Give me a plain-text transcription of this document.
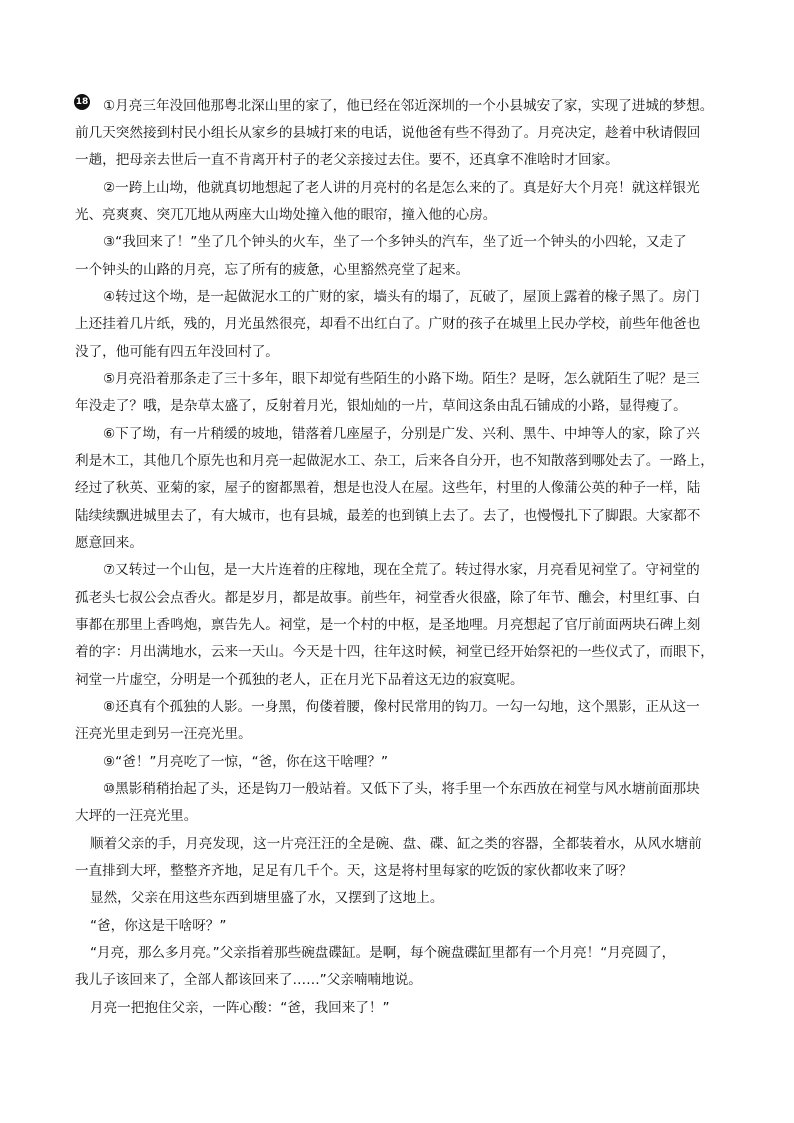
18	①月亮三年没回他那粤北深山里的家了，他已经在邻近深圳的一个小县城安了家，实现了进城的梦想。
前几天突然接到村民小组长从家乡的县城打来的电话，说他爸有些不得劲了。月亮决定，趁着中秋请假回
一趟，把母亲去世后一直不肯离开村子的老父亲接过去住。要不，还真拿不准啥时才回家。
②一跨上山坳，他就真切地想起了老人讲的月亮村的名是怎么来的了。真是好大个月亮！就这样银光
光、亮爽爽、突兀兀地从两座大山坳处撞入他的眼帘，撞入他的心房。
③“我回来了！”坐了几个钟头的火车，坐了一个多钟头的汽车，坐了近一个钟头的小四轮，又走了
一个钟头的山路的月亮，忘了所有的疲惫，心里豁然亮堂了起来。
④转过这个坳，是一起做泥水工的广财的家，墙头有的塌了，瓦破了，屋顶上露着的椽子黑了。房门
上还挂着几片纸，残的，月光虽然很亮，却看不出红白了。广财的孩子在城里上民办学校，前些年他爸也
没了，他可能有四五年没回村了。
⑤月亮沿着那条走了三十多年，眼下却觉有些陌生的小路下坳。陌生？是呀，怎么就陌生了呢？是三
年没走了？哦，是杂草太盛了，反射着月光，银灿灿的一片，草间这条由乱石铺成的小路，显得瘦了。
⑥下了坳，有一片稍缓的坡地，错落着几座屋子，分别是广发、兴利、黑牛、中坤等人的家，除了兴
利是木工，其他几个原先也和月亮一起做泥水工、杂工，后来各自分开，也不知散落到哪处去了。一路上，
经过了秋英、亚菊的家，屋子的窗都黑着，想是也没人在屋。这些年，村里的人像蒲公英的种子一样，陆
陆续续飘进城里去了，有大城市，也有县城，最差的也到镇上去了。去了，也慢慢扎下了脚跟。大家都不
愿意回来。
⑦又转过一个山包，是一大片连着的庄稼地，现在全荒了。转过得水家，月亮看见祠堂了。守祠堂的
孤老头七叔公会点香火。都是岁月，都是故事。前些年，祠堂香火很盛，除了年节、醮会，村里红事、白
事都在那里上香鸣炮，禀告先人。祠堂，是一个村的中枢，是圣地哩。月亮想起了官厅前面两块石碑上刻
着的字：月出满地水，云来一天山。今天是十四，往年这时候，祠堂已经开始祭祀的一些仪式了，而眼下，
祠堂一片虚空，分明是一个孤独的老人，正在月光下品着这无边的寂寞呢。
⑧还真有个孤独的人影。一身黑，佝偻着腰，像村民常用的钩刀。一勾一勾地，这个黑影，正从这一
汪亮光里走到另一汪亮光里。
⑨“爸！”月亮吃了一惊，“爸，你在这干啥哩？”
⑩黑影稍稍抬起了头，还是钩刀一般站着。又低下了头，将手里一个东西放在祠堂与风水塘前面那块
大坪的一汪亮光里。
顺着父亲的手，月亮发现，这一片亮汪汪的全是碗、盘、碟、缸之类的容器，全都装着水，从风水塘前
一直排到大坪，整整齐齐地，足足有几千个。天，这是将村里每家的吃饭的家伙都收来了呀？
显然，父亲在用这些东西到塘里盛了水，又摆到了这地上。
“爸，你这是干啥呀？”
“月亮，那么多月亮。”父亲指着那些碗盘碟缸。是啊，每个碗盘碟缸里都有一个月亮！“月亮圆了，
我儿子该回来了，全部人都该回来了……”父亲喃喃地说。
月亮一把抱住父亲，一阵心酸：“爸，我回来了！”
